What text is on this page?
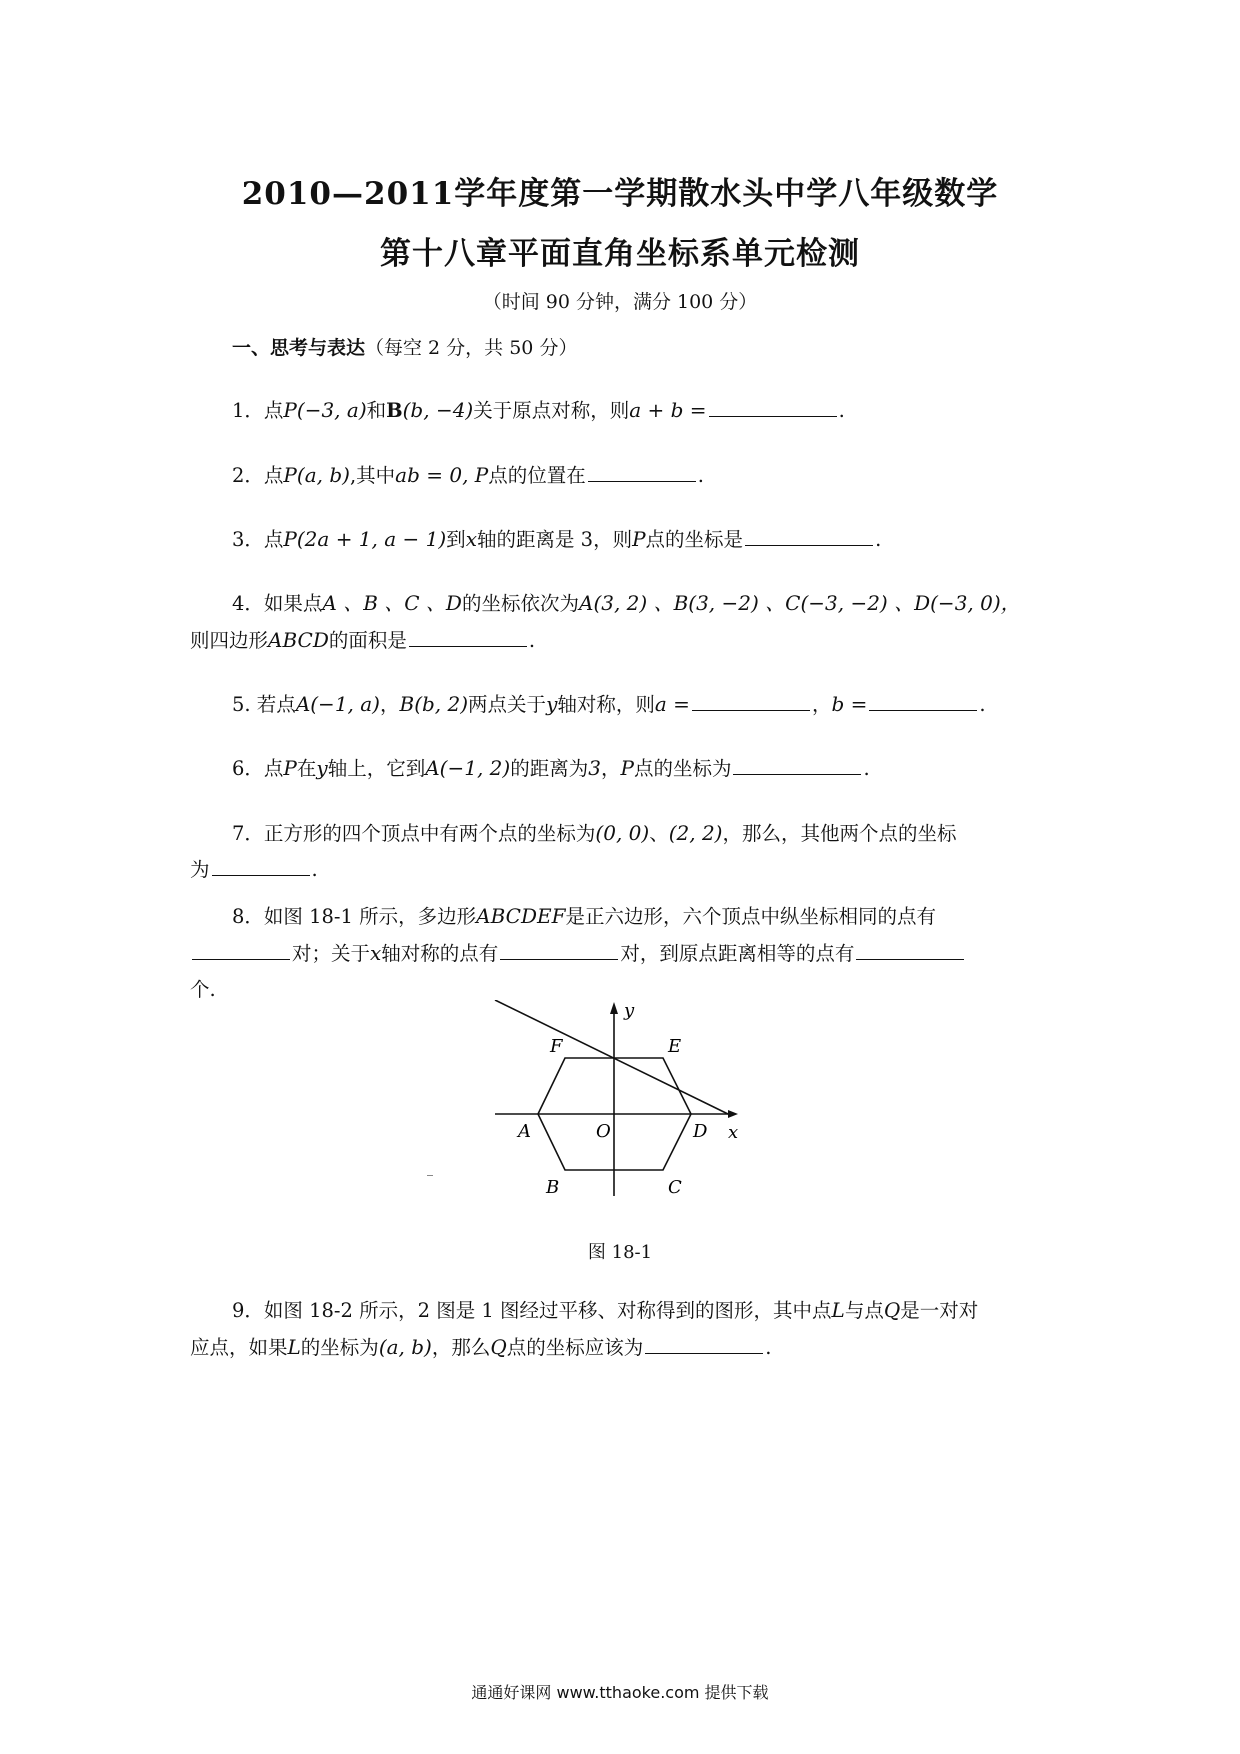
2010—2011学年度第一学期散水头中学八年级数学
第十八章平面直角坐标系单元检测
（时间 90 分钟，满分 100 分）
一、思考与表达（每空 2 分，共 50 分）
1．点P(−3, a)和B(b, −4)关于原点对称，则a + b =	.
2．点P(a, b),其中ab = 0, P点的位置在	.
3．点P(2a + 1, a − 1)到x轴的距离是 3，则P点的坐标是	.
4．如果点A 、B 、C 、D的坐标依次为A(3, 2) 、B(3, −2) 、C(−3, −2) 、D(−3, 0)，
则四边形ABCD的面积是	.
5. 若点A(−1, a)，B(b, 2)两点关于y轴对称，则a =	，b =	.
6．点P在y轴上，它到A(−1, 2)的距离为3，P点的坐标为	.
7．正方形的四个顶点中有两个点的坐标为(0, 0)、(2, 2)，那么，其他两个点的坐标
为	.
8．如图 18-1 所示，多边形ABCDEF是正六边形，六个顶点中纵坐标相同的点有
对；关于x轴对称的点有	对，到原点距离相等的点有
个.
y
x
O
A	D
F	E
B	C
图 18-1
9．如图 18-2 所示，2 图是 1 图经过平移、对称得到的图形，其中点L与点Q是一对对
应点，如果L的坐标为(a, b)，那么Q点的坐标应该为	.
通通好课网 www.tthaoke.com 提供下载
